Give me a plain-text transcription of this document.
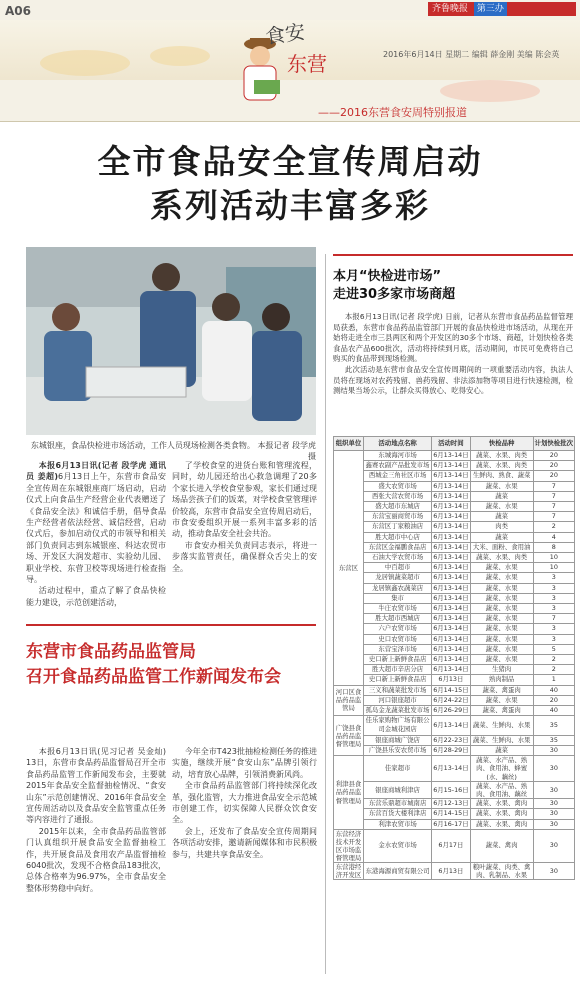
A06	齐鲁晚报 第三办
食安
东营	2016年6月14日 星期二 编辑 薛金刚 美编 陈会英
——2016东营食安周特别报道
全市食品安全宣传周启动
系列活动丰富多彩
东城银座，食品快检进市场活动，工作人员现场检测各类食物。 本报记者 段学虎 摄

本报6月13日讯(记者 段学虎 通讯员 姜超)6月13日上午，东营市食品安全宣传周在东城银座商厂场启动，启动仪式上向食品生产经营企业代表赠送了《食品安全法》和诚信手册，倡导食品生产经营者依法经营、诚信经营，启动仪式后，参加启动仪式的市领导和相关部门负责同志到东城银座、科达农贸市场、开发区大润发超市、实验幼儿园、职业学校、东营卫校等现场进行检查指导。

活动过程中，重点了解了食品快检能力建设，示范创建活动，

了学校食堂的进货台账和管理流程，同时，幼儿园还给出心救急调理了20多个家长进入学校食堂参观，家长们通过现场品尝孩子们的饭菜，对学校食堂管理评价较高，东营市食品安全宣传周启动后，市食安委组织开展一系列丰富多彩的活动，推动食品安全社会共治。

市食安办相关负责同志表示，将进一步落实监管责任，确保群众舌尖上的安全。

东营市食品药品监管局
召开食品药品监管工作新闻发布会

本报6月13日讯(见习记者 吴金灿) 13日，东营市食品药品监督局召开全市食品药品监管工作新闻发布会，主要就2015年食品安全监督抽检情况、“食安山东”示范创建情况、2016年食品安全宣传周活动以及食品安全监管重点任务等内容进行了通报。

2015年以来，全市食品药品监管部门认真组织开展食品安全监督抽检工作，共开展食品及食用农产品监督抽检6040批次，发现不合格食品183批次，总体合格率为96.97%，全市食品安全整体形势稳中向好。

今年全市T423批抽检检测任务的推进实施，继续开展“食安山东”品牌引领行动，培育放心品牌，引领消费新风尚。

全市食品药品监管部门将持续深化改革，强化监管，大力推进食品安全示范城市创建工作，切实保障人民群众饮食安全。

会上，还发布了食品安全宣传周期间各项活动安排，邀请新闻媒体和市民积极参与，共建共享食品安全。

本月“快检进市场”
走进30多家市场商超

本报6月13日讯(记者 段学虎) 日前，记者从东营市食品药品监督管理局获悉，东营市食品药品监管部门开展的食品快检进市场活动，从现在开始将走进全市三县两区和两个开发区的30多个市场、商超，计划快检各类食品农产品600批次，活动将持续到月底，活动期间，市民可免费将自己购买的食品带到现场检测。

此次活动是东营市食品安全宣传周期间的一项重要活动内容，执法人员将在现场对农药残留、兽药残留、非法添加物等项目进行快速检测，检测结果当场公示，让群众买得放心、吃得安心。

组织单位	活动地点名称	活动时间	快检品种	计划快检批次
东营区	东城海河市场	6月13-14日	蔬菜、水果、肉类	20
	鑫赛农副产品批发市场	6月13-14日	蔬菜、水果、肉类	20
	西城金三角社区市场	6月13-14日	生鲜肉、熟食、蔬菜	20
	盛大农贸市场	6月13-14日	蔬菜、水果	7
	西张大营农贸市场	6月13-14日	蔬菜	7
	盛大超市东城店	6月13-14日	蔬菜、水果	7
	东营宝丽商贸市场	6月13-14日	蔬菜	7
	东营区丁家粮油店	6月13-14日	肉类	2
	胜大超市中心店	6月13-14日	蔬菜	4
	东营区金福鹏食品店	6月13-14日	大米、面粉、食用油	8
	石油大学农贸市场	6月13-14日	蔬菜、水果、肉类	10
	中百超市	6月13-14日	蔬菜、水果	10
	龙居镇蔬菜超市	6月13-14日	蔬菜、水果	3
	龙居镇鑫农蔬菜店	6月13-14日	蔬菜、水果	3
	集市	6月13-14日	蔬菜、水果	3
	牛庄农贸市场	6月13-14日	蔬菜、水果	3
	胜大超市西城店	6月13-14日	蔬菜、水果	7
	六户农贸市场	6月13-14日	蔬菜、水果	3
	史口农贸市场	6月13-14日	蔬菜、水果	3
	东营宝泽市场	6月13-14日	蔬菜、水果	5
	史口新上新鲜食品店	6月13-14日	蔬菜、水果	2
	胜大超市辛店分店	6月13-14日	生猪肉	2
	史口新上新鲜食品店	6月13日	熟肉制品	1
河口区食品药品监管局	三义和蔬菜批发市场	6月14-15日	蔬菜、禽蛋肉	40
	河口银座超市	6月24-22日	蔬菜、水果	20
	孤岛金龙蔬菜批发市场	6月26-29日	蔬菜、禽蛋肉	40
广饶县食品药品监督管理局	佳乐家购物广场有限公司金城花园店	6月13-14日	蔬菜、生鲜肉、水果	35
	银座商城广饶店	6月22-23日	蔬菜、生鲜肉、水果	35
	广饶县乐安农贸市场	6月28-29日	蔬菜	30
利津县食品药品监督管理局	佳家超市	6月13-14日	蔬菜、水产品、熟肉、食用油、蜂蜜(水、藕丝)	30
	银座商城利津店	6月15-16日	蔬菜、水产品、熟肉、食用油、藕丝	30
	东营乐鼎超市城南店	6月12-13日	蔬菜、水果、禽肉	30
	东营百货大楼利津店	6月14-15日	蔬菜、水果、禽肉	30
	利津农贸市场	6月16-17日	蔬菜、水果、禽肉	30
东营经济技术开发区市场监督管理局	金水农贸市场	6月17日	蔬菜、禽肉	30
东营港经济开发区	东港海源商贸有限公司	6月13日	粮叶蔬菜、肉类、禽肉、乳制品、水果	30
